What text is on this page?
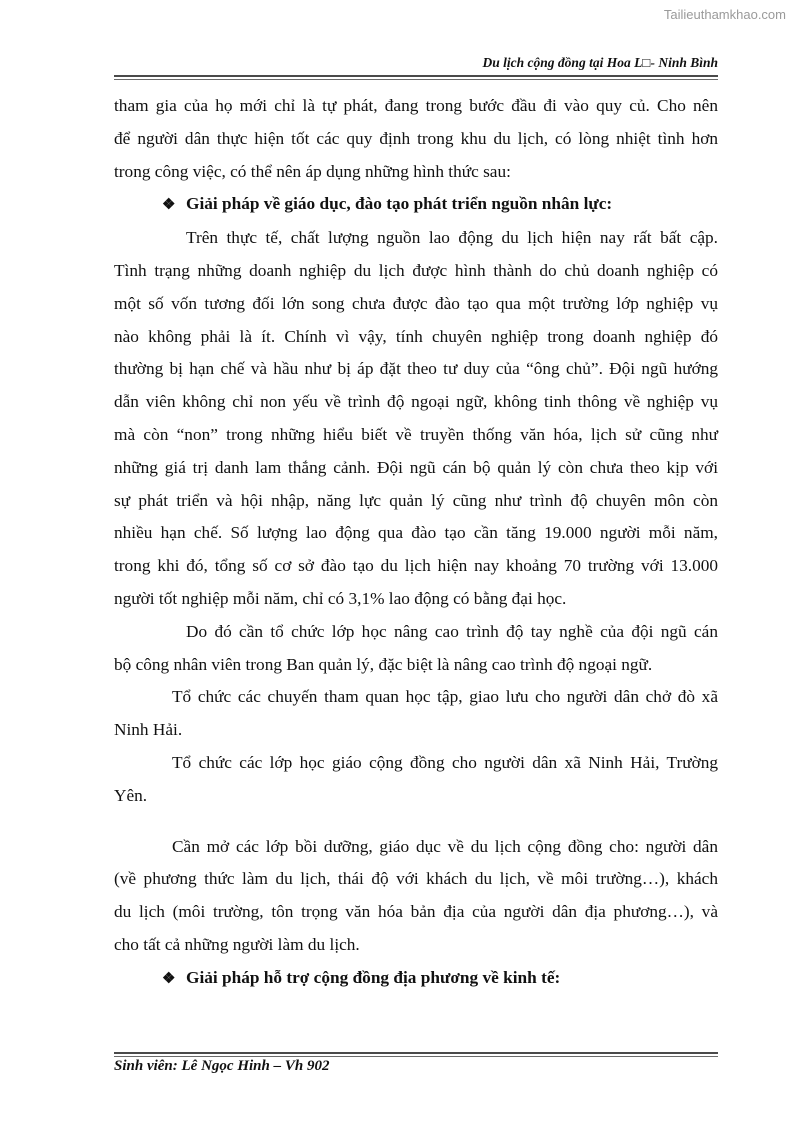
Tailieuthamkhao.com
Du lịch cộng đồng tại Hoa L□- Ninh Bình

tham gia của họ mới chỉ là tự phát, đang trong bước đầu đi vào quy củ. Cho nên

để người dân thực hiện tốt các quy định trong khu du lịch, có lòng nhiệt tình hơn

trong công việc, có thể nên áp dụng những hình thức sau:

❖ Giải pháp về giáo dục, đào tạo phát triển nguồn nhân lực:

Trên thực tế, chất lượng nguồn lao động du lịch hiện nay rất bất cập.

Tình trạng những doanh nghiệp du lịch được hình thành do chủ doanh nghiệp có

một số vốn tương đối lớn song chưa được đào tạo qua một trường lớp nghiệp vụ

nào không phải là ít. Chính vì vậy, tính chuyên nghiệp trong doanh nghiệp đó

thường bị hạn chế và hầu như bị áp đặt theo tư duy của “ông chủ”. Đội ngũ hướng

dẫn viên không chỉ non yếu về trình độ ngoại ngữ, không tinh thông về nghiệp vụ

mà còn “non” trong những hiểu biết về truyền thống văn hóa, lịch sử cũng như

những giá trị danh lam thắng cảnh. Đội ngũ cán bộ quản lý còn chưa theo kịp với

sự phát triển và hội nhập, năng lực quản lý cũng như trình độ chuyên môn còn

nhiều hạn chế. Số lượng lao động qua đào tạo cần tăng 19.000 người mỗi năm,

trong khi đó, tổng số cơ sở đào tạo du lịch hiện nay khoảng 70 trường với 13.000

người tốt nghiệp mỗi năm, chỉ có 3,1% lao động có bằng đại học.

Do đó cần tổ chức lớp học nâng cao trình độ tay nghề của đội ngũ cán

bộ công nhân viên trong Ban quản lý, đặc biệt là nâng cao trình độ ngoại ngữ.

Tổ chức các chuyến tham quan học tập, giao lưu cho người dân chở đò xã

Ninh Hải.

Tổ chức các lớp học giáo cộng đồng cho người dân xã Ninh Hải, Trường

Yên.

Cần mở các lớp bồi dưỡng, giáo dục về du lịch cộng đồng cho: người dân

(về phương thức làm du lịch, thái độ với khách du lịch, về môi trường…), khách

du lịch (môi trường, tôn trọng văn hóa bản địa của người dân địa phương…), và

cho tất cả những người làm du lịch.

❖ Giải pháp hỗ trợ cộng đồng địa phương về kinh tế:

Sinh viên: Lê Ngọc Hinh – Vh 902
